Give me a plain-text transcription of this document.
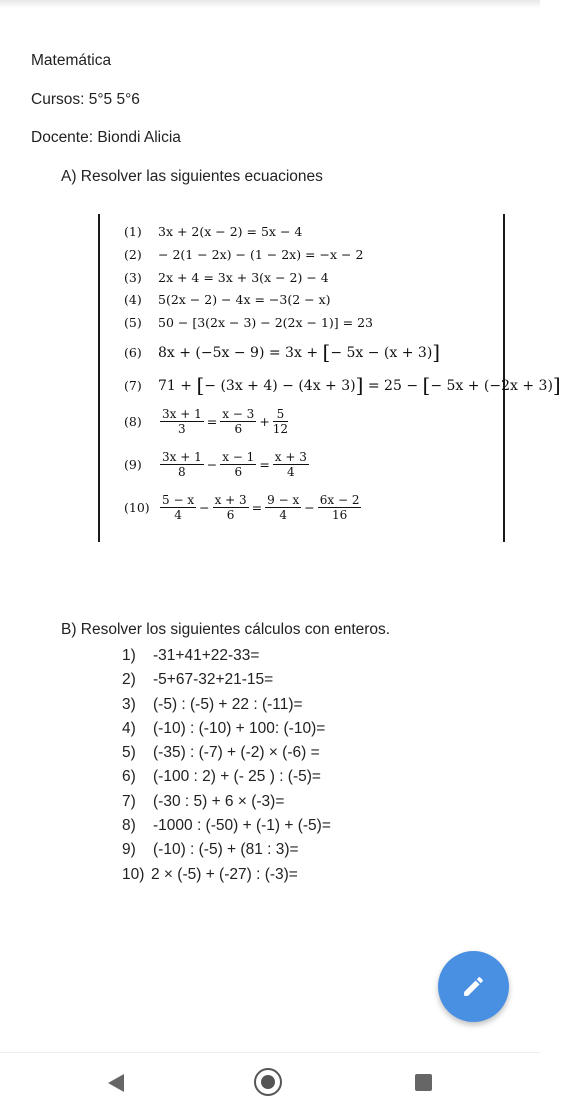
Matemática
Cursos: 5°5 5°6
Docente: Biondi Alicia
A) Resolver las siguientes ecuaciones
(1) 3x + 2(x − 2) = 5x − 4
(2) − 2(1 − 2x) − (1 − 2x) = −x − 2
(3) 2x + 4 = 3x + 3(x − 2) − 4
(4) 5(2x − 2) − 4x = −3(2 − x)
(5) 50 − [3(2x − 3) − 2(2x − 1)] = 23
(6) 8x + (−5x − 9) = 3x + [− 5x − (x + 3)]
(7) 71 + [− (3x + 4) − (4x + 3)] = 25 − [− 5x + (−2x + 3)]
$(8) \frac{3x + 1}{3} = \frac{x - 3}{6} + \frac{5}{12}$
$(9) \frac{3x + 1}{8} - \frac{x - 1}{6} = \frac{x + 3}{4}$
$(10) \frac{5 - x}{4} - \frac{x + 3}{6} = \frac{9 - x}{4} - \frac{6x - 2}{16}$
B) Resolver los siguientes cálculos con enteros.
1) -31+41+22-33=
2) -5+67-32+21-15=
3) (-5) : (-5) + 22 : (-11)=
4) (-10) : (-10) + 100: (-10)=
5) (-35) : (-7) + (-2) × (-6) =
6) (-100 : 2) + (- 25 ) : (-5)=
7) (-30 : 5) + 6 × (-3)=
8) -1000 : (-50) + (-1) + (-5)=
9) (-10) : (-5) + (81 : 3)=
10) 2 × (-5) + (-27) : (-3)=
